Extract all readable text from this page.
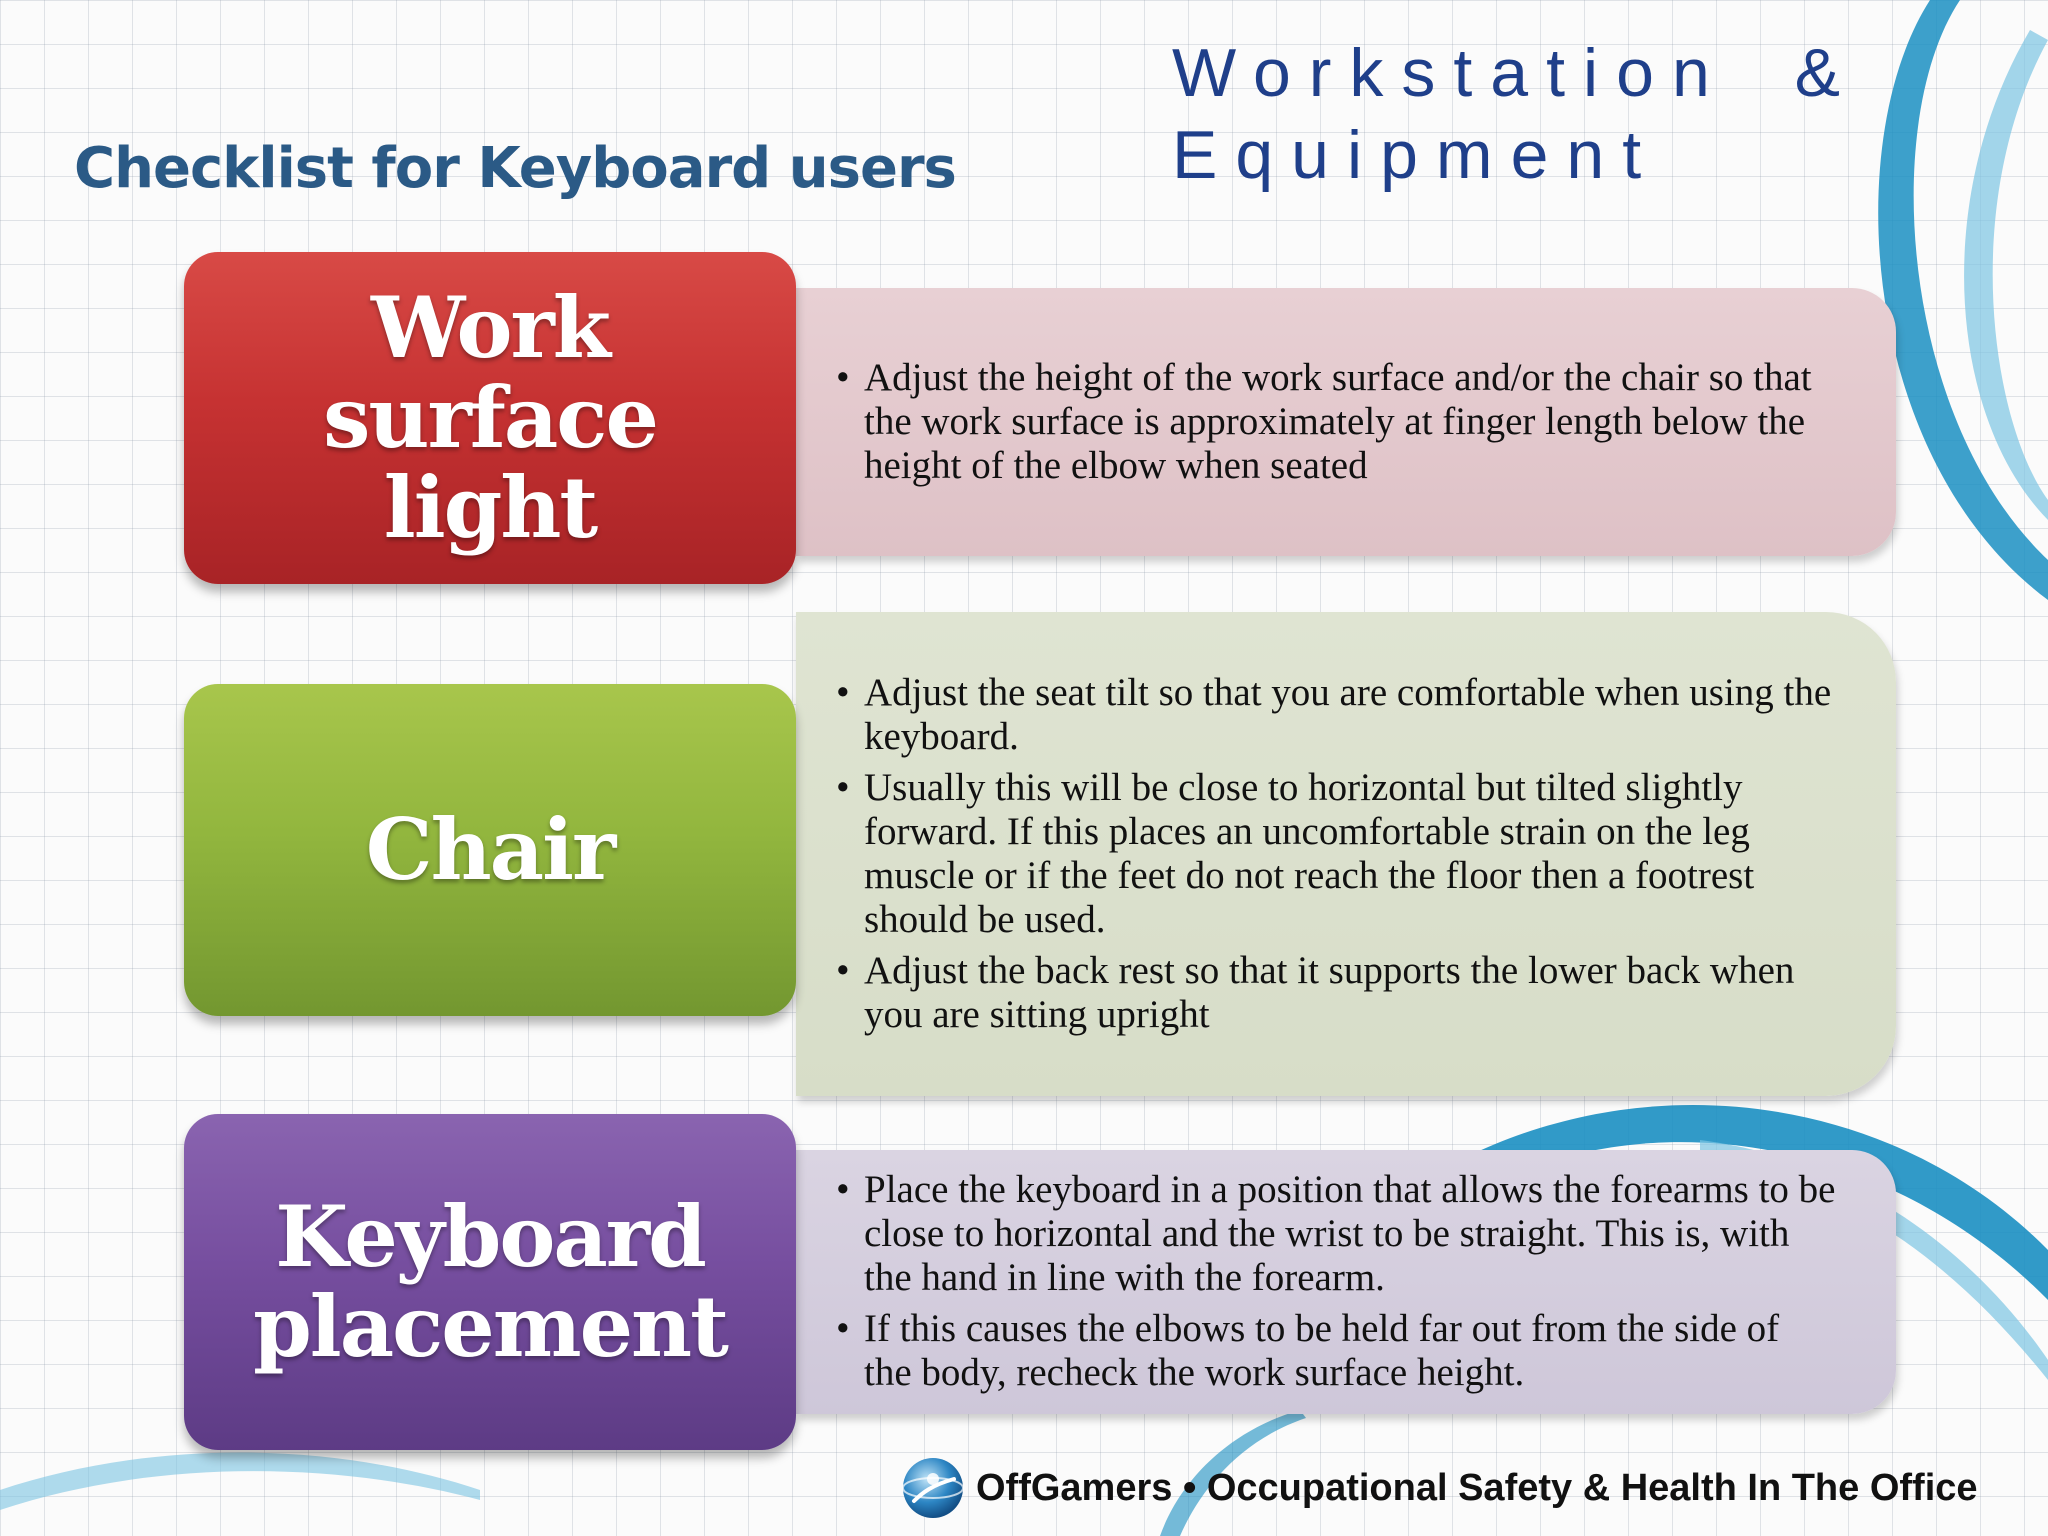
Checklist for Keyboard users
Workstation &
Equipment
Work surface light
• Adjust the height of the work surface and/or the chair so that the work surface is approximately at finger length below the height of the elbow when seated
Chair
• Adjust the seat tilt so that you are comfortable when using the keyboard.
• Usually this will be close to horizontal but tilted slightly forward. If this places an uncomfortable strain on the leg muscle or if the feet do not reach the floor then a footrest should be used.
• Adjust the back rest so that it supports the lower back when you are sitting upright
Keyboard placement
• Place the keyboard in a position that allows the forearms to be close to horizontal and the wrist to be straight. This is, with the hand in line with the forearm.
• If this causes the elbows to be held far out from the side of the body, recheck the work surface height.
OffGamers • Occupational Safety & Health In The Office
